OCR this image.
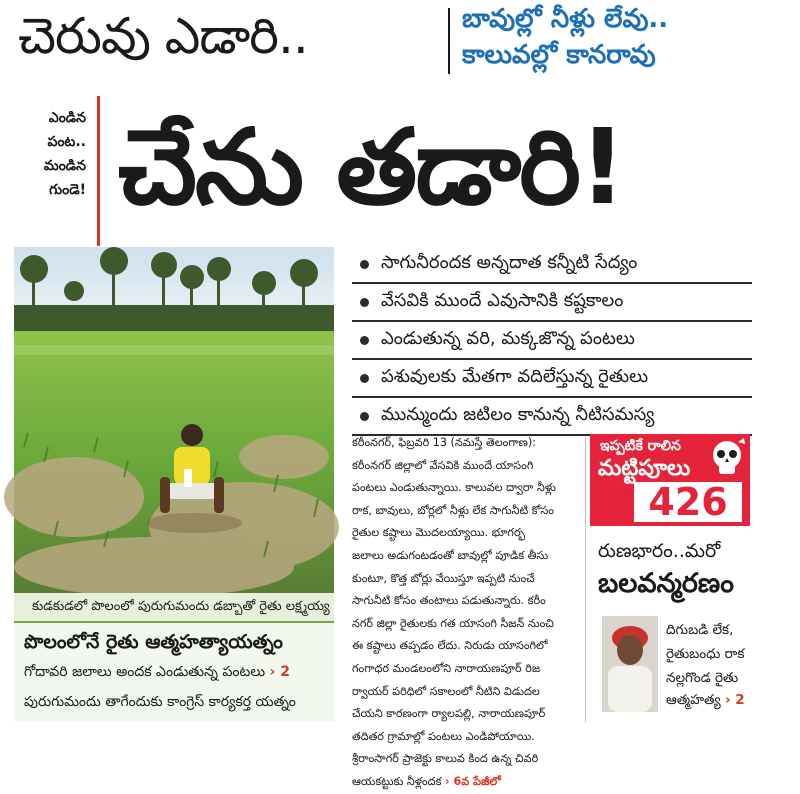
చెరువు ఎడారి..	బావుల్లో నీళ్లు లేవు..
కాలువల్లో కానరావు
ఎండిన
పంట..
మండిన
గుండె! చేను తడారి!
కుడకుడలో పొలంలో పురుగుమందు డబ్బాతో రైతు లక్ష్మయ్య
పొలంలోనే రైతు ఆత్మహత్యాయత్నం
గోదావరి జలాలు అందక ఎండుతున్న పంటలు › 2
పురుగుమందు తాగేందుకు కాంగ్రెస్ కార్యకర్త యత్నం
సాగునీరందక అన్నదాత కన్నీటి సేద్యం
వేసవికి ముందే ఎవుసానికి కష్టకాలం
ఎండుతున్న వరి, మక్కజొన్న పంటలు
పశువులకు మేతగా వదిలేస్తున్న రైతులు
మున్ముందు జటిలం కానున్న నీటిసమస్య
కరీంనగర్, ఫిబ్రవరి 13 (నమస్తే తెలంగాణ):
కరీంనగర్ జిల్లాలో వేసవికి ముందే యాసంగి
పంటలు ఎండుతున్నాయి. కాలువల ద్వారా నీళ్లు
రాక, బావులు, బోర్లలో నీళ్లు లేక సాగునీటి కోసం
రైతుల కష్టాలు మొదలయ్యాయి. భూగర్భ
జలాలు అడుగంటడంతో బావుల్లో పూడిక తీసు
కుంటూ, కొత్త బోర్లు వేయిస్తూ ఇప్పటి నుంచే
సాగునీటి కోసం తంటాలు పడుతున్నారు. కరీం
నగర్ జిల్లా రైతులకు గత యాసంగి సీజన్ నుంచి
ఈ కష్టాలు తప్పడం లేదు. నిరుడు యాసంగిలో
గంగాధర మండలంలోని నారాయణపూర్ రిజ
ర్వాయర్ పరిధిలో సకాలంలో నీటిని విడుదల
చేయని కారణంగా ర్యాలపల్లి, నారాయణపూర్
తదితర గ్రామాల్లో పంటలు ఎండిపోయాయి.
శ్రీరాంసాగర్ ప్రాజెక్టు కాలువ కింద ఉన్న చివరి
ఆయకట్టుకు నీళ్లందక › 6వ పేజీలో
ఇప్పటికే రాలిన
మట్టిపూలు
426
రుణభారం..మరో
బలవన్మరణం
దిగుబడి లేక,
రైతుబంధు రాక
నల్లగొండ రైతు
ఆత్మహత్య › 2
